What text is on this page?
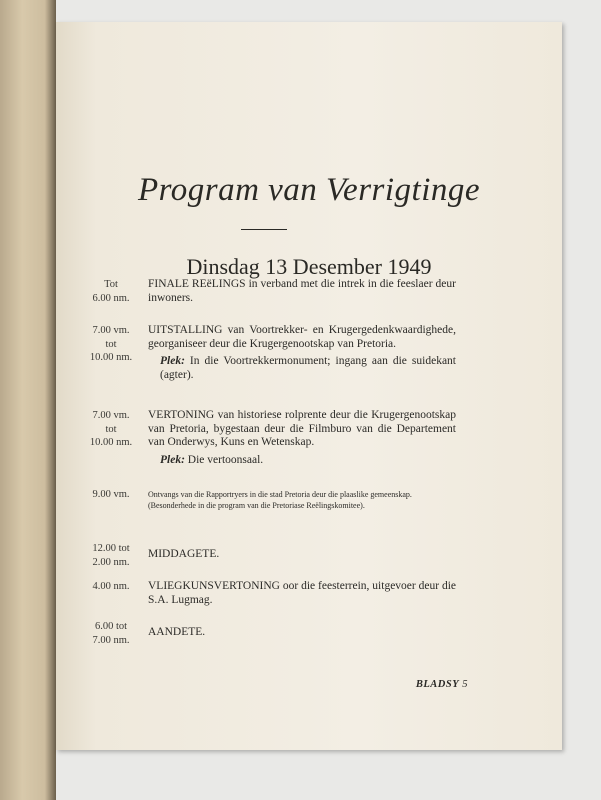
Program van Verrigtinge
Dinsdag 13 Desember 1949
Tot
6.00 nm.
FINALE REëLINGS in verband met die intrek in die feeslaer deur inwoners.
7.00 vm.
tot
10.00 nm.
UITSTALLING van Voortrekker- en Krugergedenkwaardighede, georganiseer deur die Krugergenootskap van Pretoria.
Plek: In die Voortrekkermonument; ingang aan die suidekant (agter).
7.00 vm.
tot
10.00 nm.
VERTONING van historiese rolprente deur die Krugergenootskap van Pretoria, bygestaan deur die Filmburo van die Departement van Onderwys, Kuns en Wetenskap.
Plek: Die vertoonsaal.
9.00 vm.	Ontvangs van die Rapportryers in die stad Pretoria deur die plaaslike gemeenskap.
(Besonderhede in die program van die Pretoriase Reëlingskomitee).
12.00 tot
2.00 nm.
MIDDAGETE.
4.00 nm.	VLIEGKUNSVERTONING oor die feesterrein, uitgevoer deur die S.A. Lugmag.
6.00 tot
7.00 nm.
AANDETE.
BLADSY 5
